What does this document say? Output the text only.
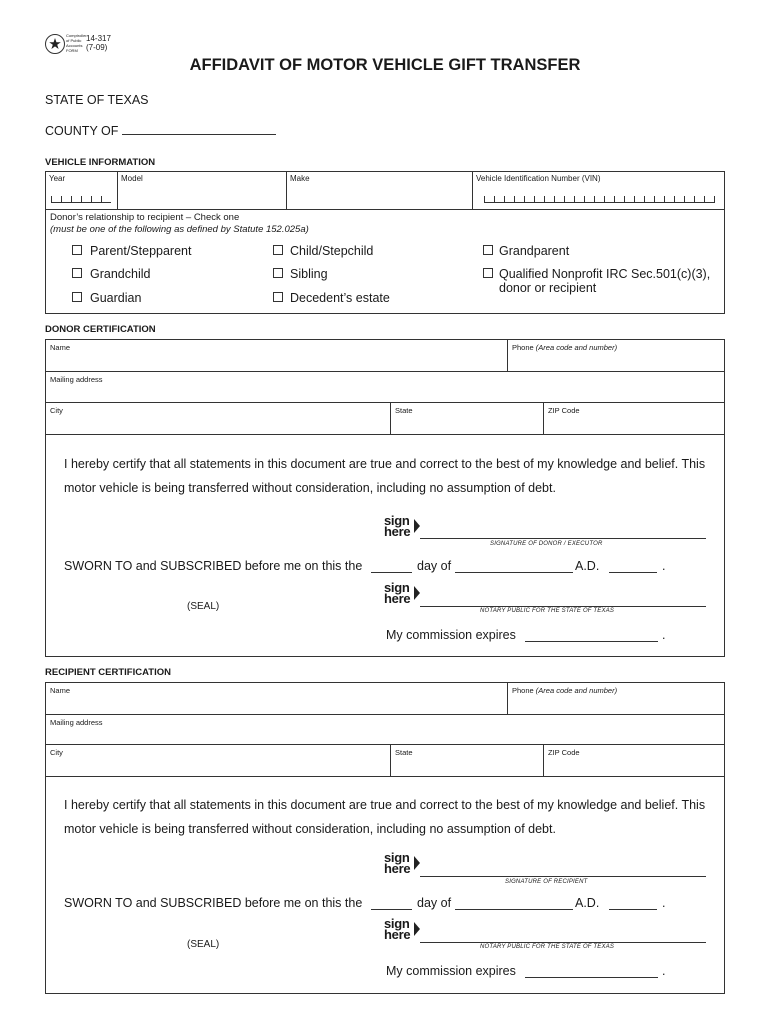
Comptroller
of Public
Accounts
FORM
14-317
(7-09)
AFFIDAVIT OF MOTOR VEHICLE GIFT TRANSFER
STATE OF TEXAS
COUNTY OF
VEHICLE INFORMATION
Year	Model	Make	Vehicle Identification Number (VIN)
Donor’s relationship to recipient – Check one
(must be one of the following as defined by Statute 152.025a)
Parent/Stepparent	Child/Stepchild	Grandparent
Grandchild	Sibling	Qualified Nonprofit IRC Sec.501(c)(3),
donor or recipient
Guardian	Decedent’s estate
DONOR CERTIFICATION
Name	Phone (Area code and number)
Mailing address
City	State	ZIP Code
I hereby certify that all statements in this document are true and correct to the best of my knowledge and belief. This
motor vehicle is being transferred without consideration, including no assumption of debt.
sign
here
SIGNATURE OF DONOR / EXECUTOR
SWORN TO and SUBSCRIBED before me on this the	day of	A.D.	.
sign
here
(SEAL)	NOTARY PUBLIC FOR THE STATE OF TEXAS
My commission expires	.
RECIPIENT CERTIFICATION
Name	Phone (Area code and number)
Mailing address
City	State	ZIP Code
I hereby certify that all statements in this document are true and correct to the best of my knowledge and belief. This
motor vehicle is being transferred without consideration, including no assumption of debt.
sign
here
SIGNATURE OF RECIPIENT
SWORN TO and SUBSCRIBED before me on this the	day of	A.D.	.
sign
here
(SEAL)	NOTARY PUBLIC FOR THE STATE OF TEXAS
My commission expires	.
